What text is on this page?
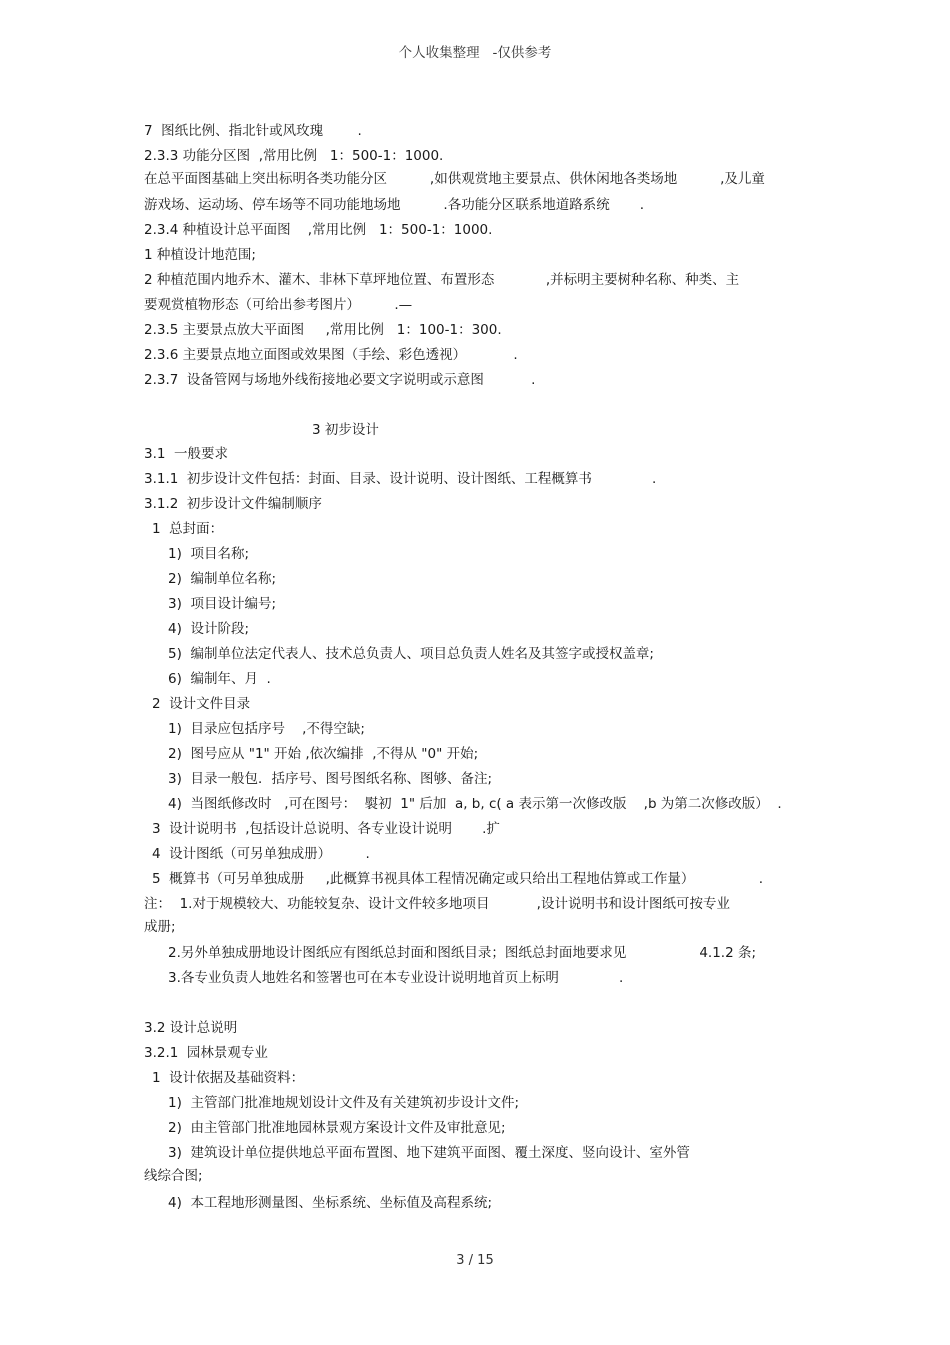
个人收集整理   -仅供参考
7  图纸比例、指北针或风玫瑰        .
2.3.3 功能分区图  ,常用比例   1：500-1：1000.
在总平面图基础上突出标明各类功能分区          ,如供观赏地主要景点、供休闲地各类场地          ,及儿童
游戏场、运动场、停车场等不同功能地场地          .各功能分区联系地道路系统       .
2.3.4 种植设计总平面图    ,常用比例   1：500-1：1000.
1 种植设计地范围;
2 种植范围内地乔木、灌木、非林下草坪地位置、布置形态            ,并标明主要树种名称、种类、主
要观赏植物形态（可给出参考图片）        .—
2.3.5 主要景点放大平面图     ,常用比例   1：100-1：300.
2.3.6 主要景点地立面图或效果图（手绘、彩色透视）           .
2.3.7  设备管网与场地外线衔接地必要文字说明或示意图           .
3 初步设计
3.1  一般要求
3.1.1  初步设计文件包括：封面、目录、设计说明、设计图纸、工程概算书              .
3.1.2  初步设计文件编制顺序
1  总封面：
1)  项目名称;
2)  编制单位名称;
3)  项目设计编号;
4)  设计阶段;
5)  编制单位法定代表人、技术总负责人、项目总负责人姓名及其签字或授权盖章;
6)  编制年、月  .
2  设计文件目录
1)  目录应包括序号    ,不得空缺;
2)  图号应从 "1" 开始 ,依次编排  ,不得从 "0" 开始;
3)  目录一般包．括序号、图号图纸名称、图够、备注;
4)  当图纸修改时   ,可在图号：  褽初  1" 后加  a, b, c( a 表示第一次修改版    ,b 为第二次修改版）  .
3  设计说明书  ,包括设计总说明、各专业设计说明       .扩
4  设计图纸（可另单独成册）        .
5  概算书（可另单独成册     ,此概算书视具体工程情况确定或只给出工程地估算或工作量）               .
注：  1.对于规模较大、功能较复杂、设计文件较多地项目           ,设计说明书和设计图纸可按专业
成册;
2.另外单独成册地设计图纸应有图纸总封面和图纸目录；图纸总封面地要求见                 4.1.2 条;
3.各专业负责人地姓名和签署也可在本专业设计说明地首页上标明              .
3.2 设计总说明
3.2.1  园林景观专业
1  设计依据及基础资料：
1)  主管部门批准地规划设计文件及有关建筑初步设计文件;
2)  由主管部门批准地园林景观方案设计文件及审批意见;
3)  建筑设计单位提供地总平面布置图、地下建筑平面图、覆土深度、竖向设计、室外管
线综合图;
4)  本工程地形测量图、坐标系统、坐标值及高程系统;
3 / 15
